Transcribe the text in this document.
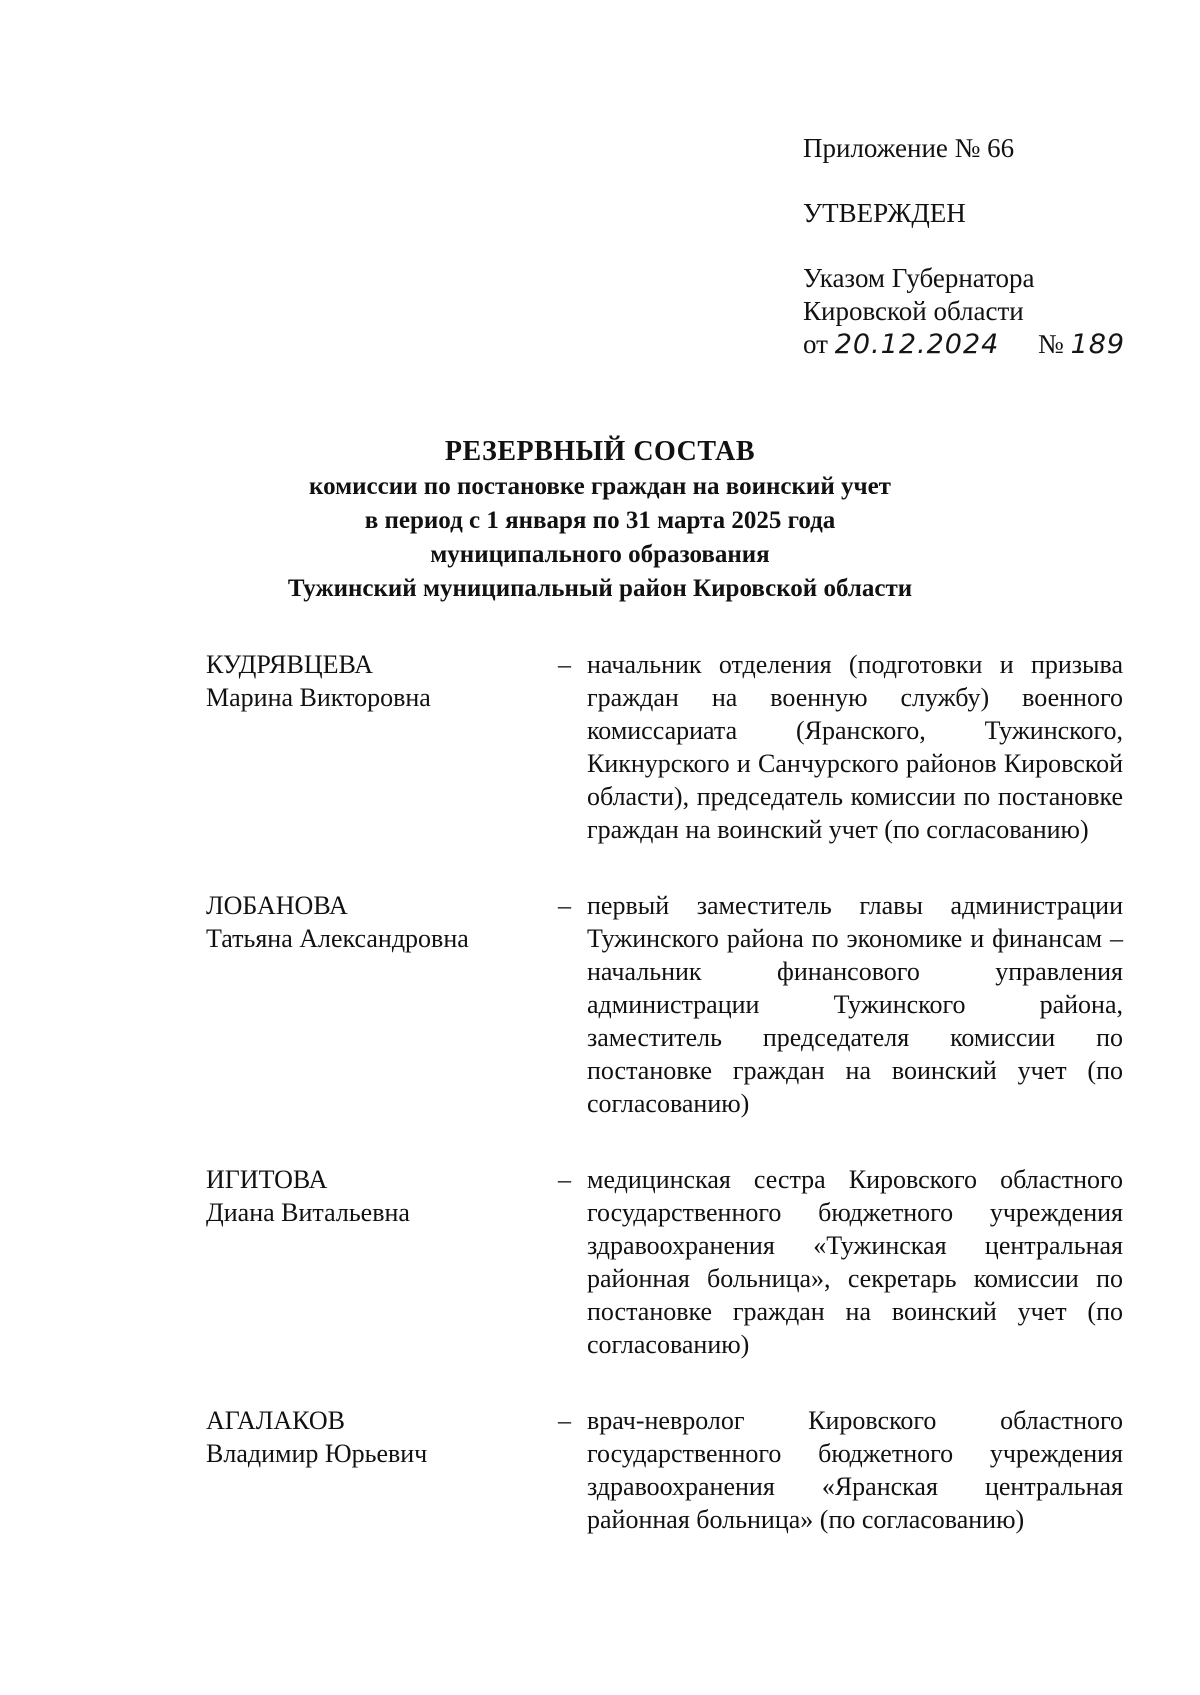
Приложение № 66
УТВЕРЖДЕН
Указом Губернатора
Кировской области
от 20.12.2024 № 189
РЕЗЕРВНЫЙ СОСТАВ
комиссии по постановке граждан на воинский учет
в период с 1 января по 31 марта 2025 года
муниципального образования
Тужинский муниципальный район Кировской области
КУДРЯВЦЕВА
Марина Викторовна
– начальник отделения (подготовки и призыва граждан на военную службу) военного комиссариата (Яранского, Тужинского, Кикнурского и Санчурского районов Кировской области), председатель комиссии по постановке граждан на воинский учет (по согласованию)
ЛОБАНОВА
Татьяна Александровна
– первый заместитель главы администрации Тужинского района по экономике и финансам – начальник финансового управления администрации Тужинского района, заместитель председателя комиссии по постановке граждан на воинский учет (по согласованию)
ИГИТОВА
Диана Витальевна
– медицинская сестра Кировского областного государственного бюджетного учреждения здравоохранения «Тужинская центральная районная больница», секретарь комиссии по постановке граждан на воинский учет (по согласованию)
АГАЛАКОВ
Владимир Юрьевич
– врач-невролог Кировского областного государственного бюджетного учреждения здравоохранения «Яранская центральная районная больница» (по согласованию)
